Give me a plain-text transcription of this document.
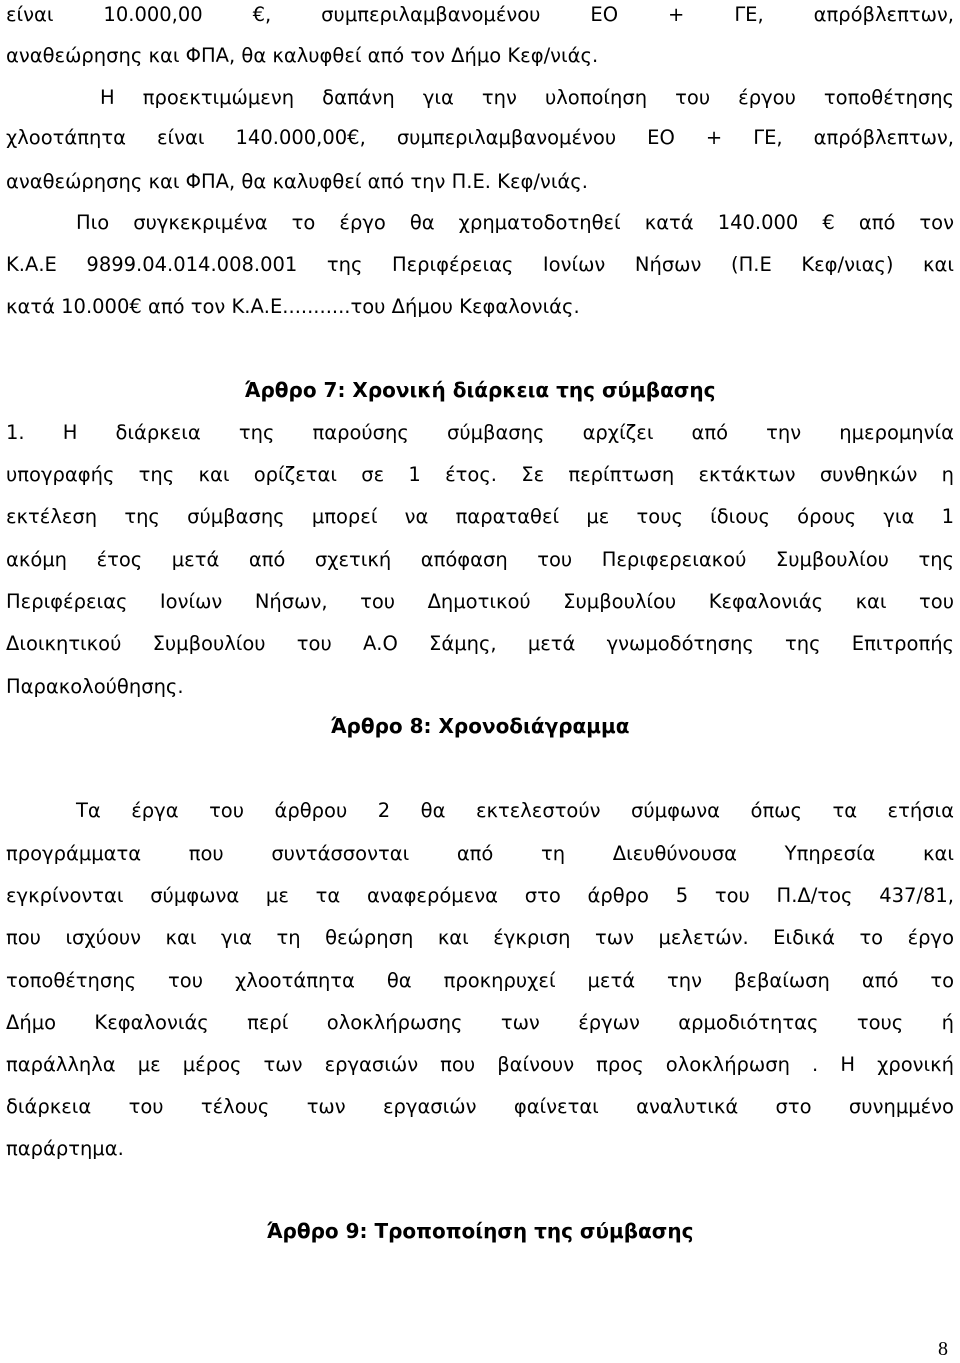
είναι 10.000,00 €, συμπεριλαμβανομένου ΕΟ + ΓΕ, απρόβλεπτων,
αναθεώρησης και ΦΠΑ, θα καλυφθεί από τον Δήμο Κεφ/νιάς.
Η προεκτιμώμενη δαπάνη για την υλοποίηση του έργου τοποθέτησης
χλοοτάπητα είναι 140.000,00€, συμπεριλαμβανομένου ΕΟ + ΓΕ, απρόβλεπτων,
αναθεώρησης και ΦΠΑ, θα καλυφθεί από την Π.Ε. Κεφ/νιάς.
Πιο συγκεκριμένα το έργο θα χρηματοδοτηθεί κατά 140.000 € από τον
Κ.Α.Ε 9899.04.014.008.001 της Περιφέρειας Ιονίων Νήσων (Π.Ε Κεφ/νιας) και
κατά 10.000€ από τον Κ.Α.Ε...........του Δήμου Κεφαλονιάς.
Άρθρο 7: Χρονική διάρκεια της σύμβασης
1. Η διάρκεια της παρούσης σύμβασης αρχίζει από την ημερομηνία
υπογραφής της και ορίζεται σε 1 έτος. Σε περίπτωση εκτάκτων συνθηκών η
εκτέλεση της σύμβασης μπορεί να παραταθεί με τους ίδιους όρους για 1
ακόμη έτος μετά από σχετική απόφαση του Περιφερειακού Συμβουλίου της
Περιφέρειας Ιονίων Νήσων, του Δημοτικού Συμβουλίου Κεφαλονιάς και του
Διοικητικού Συμβουλίου του Α.Ο Σάμης, μετά γνωμοδότησης της Επιτροπής
Παρακολούθησης.
Άρθρο 8: Χρονοδιάγραμμα
Τα έργα του άρθρου 2 θα εκτελεστούν σύμφωνα όπως τα ετήσια
προγράμματα που συντάσσονται από τη Διευθύνουσα Υπηρεσία και
εγκρίνονται σύμφωνα με τα αναφερόμενα στο άρθρο 5 του Π.Δ/τος 437/81,
που ισχύουν και για τη θεώρηση και έγκριση των μελετών. Ειδικά το έργο
τοποθέτησης του χλοοτάπητα θα προκηρυχεί μετά την βεβαίωση από το
Δήμο Κεφαλονιάς περί ολοκλήρωσης των έργων αρμοδιότητας τους ή
παράλληλα με μέρος των εργασιών που βαίνουν προς ολοκλήρωση . Η χρονική
διάρκεια του τέλους των εργασιών φαίνεται αναλυτικά στο συνημμένο
παράρτημα.
Άρθρο 9: Τροποποίηση της σύμβασης
8
